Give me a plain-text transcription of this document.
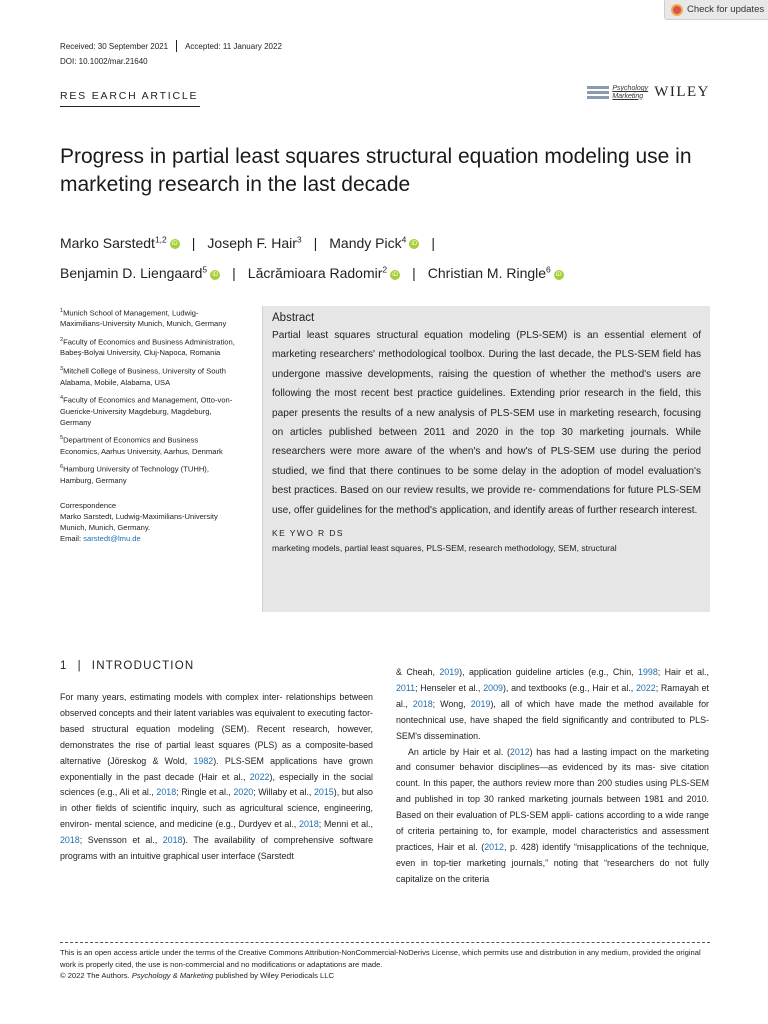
Check for updates
Received: 30 September 2021 Accepted: 11 January 2022
DOI: 10.1002/mar.21640
RES EARCH ARTICLE
Psychology
Marketing WILEY
Progress in partial least squares structural equation modeling use in marketing research in the last decade
Marko Sarstedt$^{1,2}$ iD | Joseph F. Hair$^3$ | Mandy Pick$^4$ iD |
Benjamin D. Liengaard$^5$ iD | Lăcrămioara Radomir$^2$ iD | Christian M. Ringle$^6$ iD
$^1$Munich School of Management, Ludwig-Maximilians-University Munich, Munich, Germany
$^2$Faculty of Economics and Business Administration, Babeş-Bolyai University, Cluj-Napoca, Romania
$^3$Mitchell College of Business, University of South Alabama, Mobile, Alabama, USA
$^4$Faculty of Economics and Management, Otto-von-Guericke-University Magdeburg, Magdeburg, Germany
$^5$Department of Economics and Business Economics, Aarhus University, Aarhus, Denmark
$^6$Hamburg University of Technology (TUHH), Hamburg, Germany
Correspondence
Marko Sarstedt, Ludwig-Maximilians-University Munich, Munich, Germany.
Email: sarstedt@lmu.de
Abstract

Partial least squares structural equation modeling (PLS-SEM) is an essential element of marketing researchers' methodological toolbox. During the last decade, the PLS-SEM field has undergone massive developments, raising the question of whether the method's users are following the most recent best practice guidelines. Extending prior research in the field, this paper presents the results of a new analysis of PLS-SEM use in marketing research, focusing on articles published between 2011 and 2020 in the top 30 marketing journals. While researchers were more aware of the when's and how's of PLS-SEM use during the period studied, we find that there continues to be some delay in the adoption of model evaluation's best practices. Based on our review results, we provide re- commendations for future PLS-SEM use, offer guidelines for the method's application, and identify areas of further research interest.

KE YWO R DS
marketing models, partial least squares, PLS-SEM, research methodology, SEM, structural
1 | INTRODUCTION

For many years, estimating models with complex inter- relationships between observed concepts and their latent variables was equivalent to executing factor-based structural equation modeling (SEM). Recent research, however, demonstrates the rise of partial least squares (PLS) as a composite-based alternative (Jöreskog & Wold, 1982). PLS-SEM applications have grown exponentially in the past decade (Hair et al., 2022), especially in the social sciences (e.g., Ali et al., 2018; Ringle et al., 2020; Willaby et al., 2015), but also in other fields of scientific inquiry, such as agricultural science, engineering, environ- mental science, and medicine (e.g., Durdyev et al., 2018; Menni et al., 2018; Svensson et al., 2018). The availability of comprehensive software programs with an intuitive graphical user interface (Sarstedt

& Cheah, 2019), application guideline articles (e.g., Chin, 1998; Hair et al., 2011; Henseler et al., 2009), and textbooks (e.g., Hair et al., 2022; Ramayah et al., 2018; Wong, 2019), all of which have made the method available for nontechnical use, have shaped the field significantly and contributed to PLS-SEM's dissemination.

An article by Hair et al. (2012) has had a lasting impact on the marketing and consumer behavior disciplines—as evidenced by its mas- sive citation count. In this paper, the authors review more than 200 studies using PLS-SEM and published in top 30 ranked marketing journals between 1981 and 2010. Based on their evaluation of PLS-SEM appli- cations according to a wide range of criteria pertaining to, for example, model characteristics and assessment practices, Hair et al. (2012, p. 428) identify “misapplications of the technique, even in top-tier marketing journals,” noting that “researchers do not fully capitalize on the criteria

This is an open access article under the terms of the Creative Commons Attribution-NonCommercial-NoDerivs License, which permits use and distribution in any medium, provided the original work is properly cited, the use is non-commercial and no modifications or adaptations are made.
© 2022 The Authors. Psychology & Marketing published by Wiley Periodicals LLC
